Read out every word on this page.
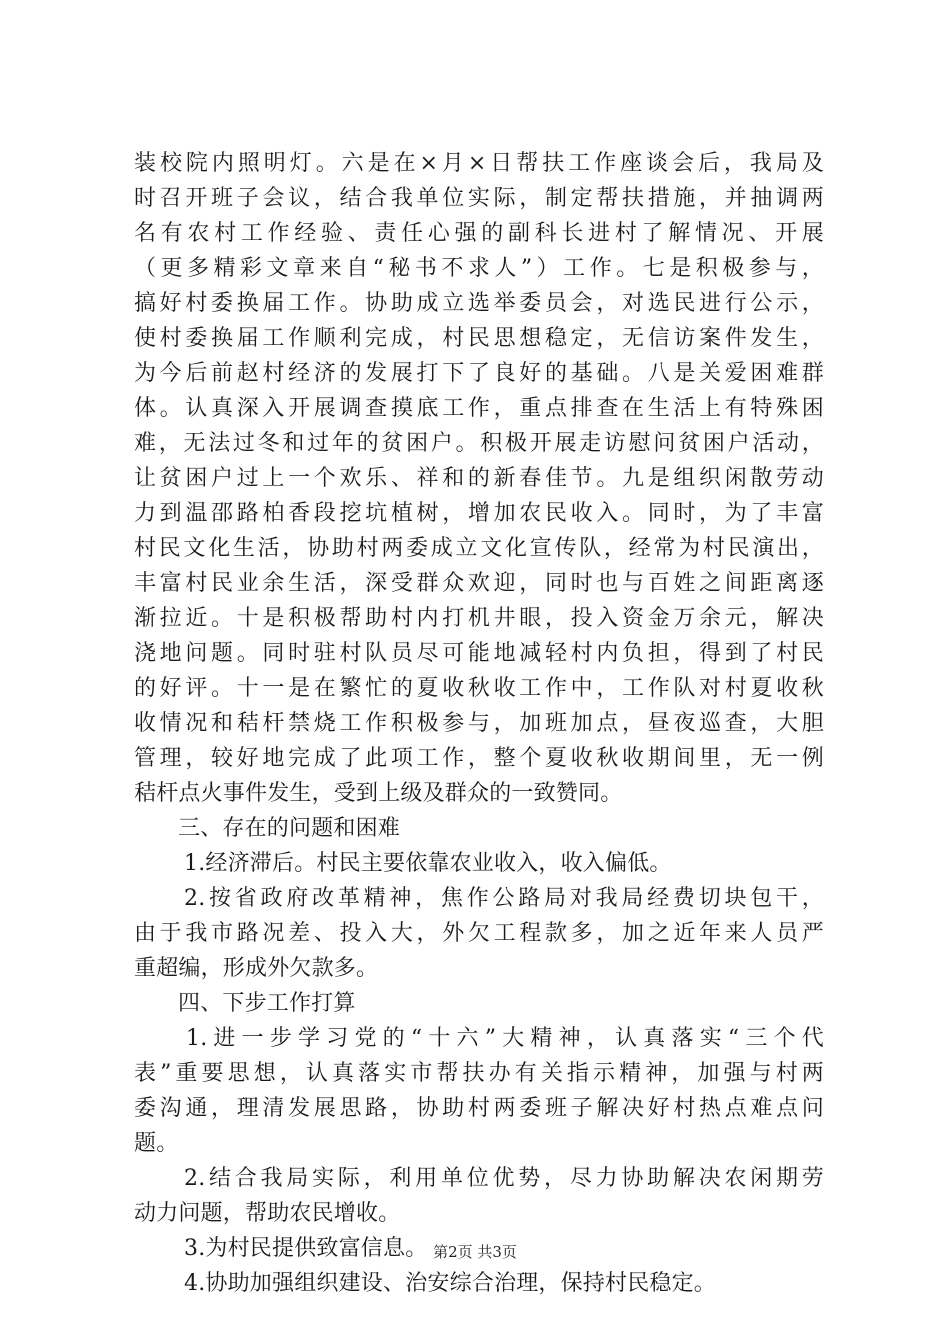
装校院内照明灯。六是在×月×日帮扶工作座谈会后，我局及
时召开班子会议，结合我单位实际，制定帮扶措施，并抽调两
名有农村工作经验、责任心强的副科长进村了解情况、开展
（更多精彩文章来自“秘书不求人”）工作。七是积极参与，
搞好村委换届工作。协助成立选举委员会，对选民进行公示，
使村委换届工作顺利完成，村民思想稳定，无信访案件发生，
为今后前赵村经济的发展打下了良好的基础。八是关爱困难群
体。认真深入开展调查摸底工作，重点排查在生活上有特殊困
难，无法过冬和过年的贫困户。积极开展走访慰问贫困户活动，
让贫困户过上一个欢乐、祥和的新春佳节。九是组织闲散劳动
力到温邵路柏香段挖坑植树，增加农民收入。同时，为了丰富
村民文化生活，协助村两委成立文化宣传队，经常为村民演出，
丰富村民业余生活，深受群众欢迎，同时也与百姓之间距离逐
渐拉近。十是积极帮助村内打机井眼，投入资金万余元，解决
浇地问题。同时驻村队员尽可能地减轻村内负担，得到了村民
的好评。十一是在繁忙的夏收秋收工作中，工作队对村夏收秋
收情况和秸杆禁烧工作积极参与，加班加点，昼夜巡查，大胆
管理，较好地完成了此项工作，整个夏收秋收期间里，无一例
秸杆点火事件发生，受到上级及群众的一致赞同。
三、存在的问题和困难
1.经济滞后。村民主要依靠农业收入，收入偏低。
2.按省政府改革精神，焦作公路局对我局经费切块包干，
由于我市路况差、投入大，外欠工程款多，加之近年来人员严
重超编，形成外欠款多。
四、下步工作打算
1.进一步学习党的“十六”大精神，认真落实“三个代
表”重要思想，认真落实市帮扶办有关指示精神，加强与村两
委沟通，理清发展思路，协助村两委班子解决好村热点难点问
题。
2.结合我局实际，利用单位优势，尽力协助解决农闲期劳
动力问题，帮助农民增收。
3.为村民提供致富信息。
4.协助加强组织建设、治安综合治理，保持村民稳定。
第2页 共3页
